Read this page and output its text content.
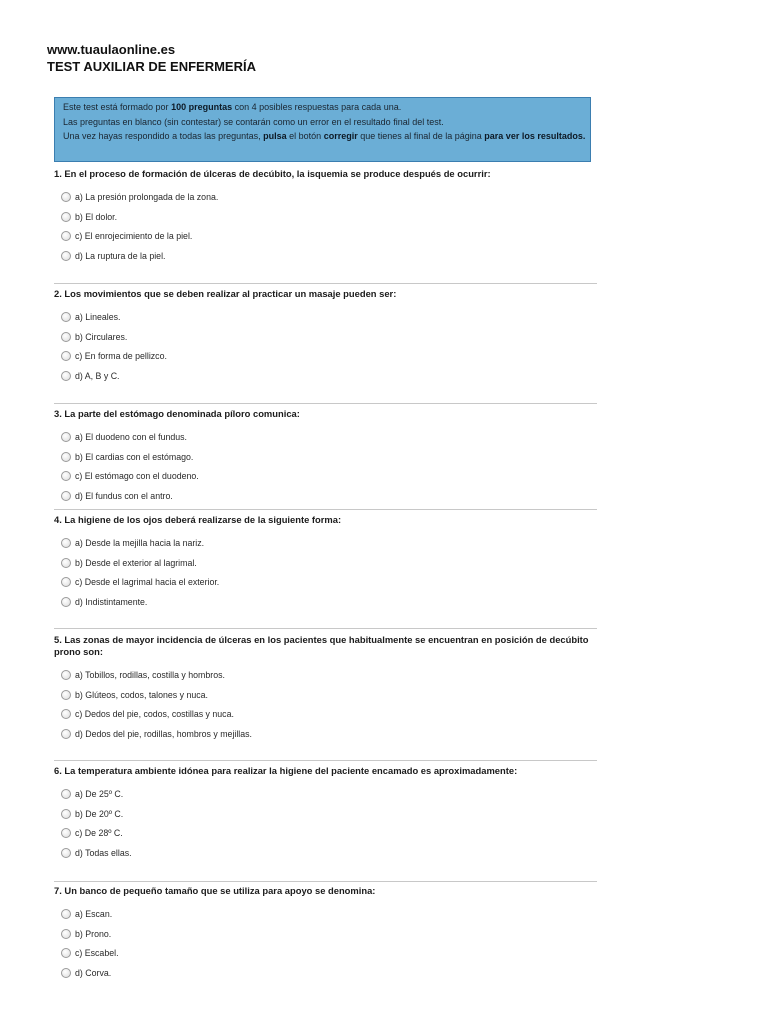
www.tuaulaonline.es
TEST AUXILIAR DE ENFERMERÍA

Este test está formado por 100 preguntas con 4 posibles respuestas para cada una.

Las preguntas en blanco (sin contestar) se contarán como un error en el resultado final del test.

Una vez hayas respondido a todas las preguntas, pulsa el botón corregir que tienes al final de la página para ver los resultados.

1. En el proceso de formación de úlceras de decúbito, la isquemia se produce después de ocurrir:
a) La presión prolongada de la zona.
b) El dolor.
c) El enrojecimiento de la piel.
d) La ruptura de la piel.
2. Los movimientos que se deben realizar al practicar un masaje pueden ser:
a) Lineales.
b) Circulares.
c) En forma de pellizco.
d) A, B y C.
3. La parte del estómago denominada píloro comunica:
a) El duodeno con el fundus.
b) El cardias con el estómago.
c) El estómago con el duodeno.
d) El fundus con el antro.
4. La higiene de los ojos deberá realizarse de la siguiente forma:
a) Desde la mejilla hacia la nariz.
b) Desde el exterior al lagrimal.
c) Desde el lagrimal hacia el exterior.
d) Indistintamente.
5. Las zonas de mayor incidencia de úlceras en los pacientes que habitualmente se encuentran en posición de decúbito prono son:
a) Tobillos, rodillas, costilla y hombros.
b) Glúteos, codos, talones y nuca.
c) Dedos del pie, codos, costillas y nuca.
d) Dedos del pie, rodillas, hombros y mejillas.
6. La temperatura ambiente idónea para realizar la higiene del paciente encamado es aproximadamente:
a) De 25º C.
b) De 20º C.
c) De 28º C.
d) Todas ellas.
7. Un banco de pequeño tamaño que se utiliza para apoyo se denomina:
a) Escan.
b) Prono.
c) Escabel.
d) Corva.
